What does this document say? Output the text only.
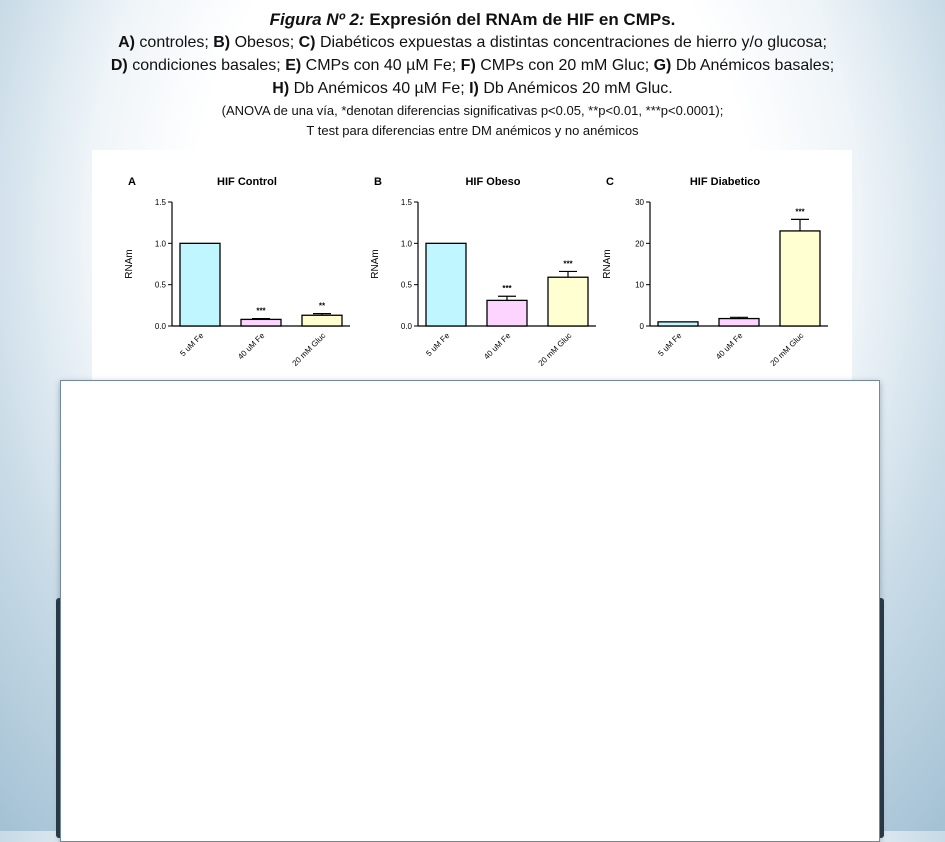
Figura Nº 2: Expresión del RNAm de HIF en CMPs.
A) controles; B) Obesos; C) Diabéticos expuestas a distintas concentraciones de hierro y/o glucosa;
D) condiciones basales; E) CMPs con 40 µM Fe; F) CMPs con 20 mM Gluc; G) Db Anémicos basales;
H) Db Anémicos 40 µM Fe; I) Db Anémicos 20 mM Gluc.
(ANOVA de una vía, *denotan diferencias significativas p<0.05, **p<0.01, ***p<0.0001);
T test para diferencias entre DM anémicos y no anémicos
A	HIF Control
RNAm
0.0
0.5
1.0
1.5
5 uM Fe
***
40 uM Fe
**
20 mM Gluc
B	HIF Obeso
RNAm
0.0
0.5
1.0
1.5
5 uM Fe
***
40 uM Fe
***
20 mM Gluc
C	HIF Diabetico
RNAm
0
10
20
30
5 uM Fe	40 uM Fe
***
20 mM Gluc
